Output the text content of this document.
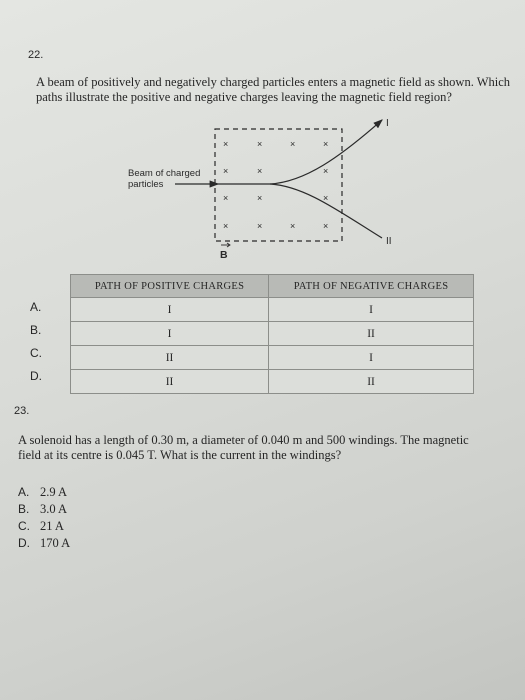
22.
A beam of positively and negatively charged particles enters a magnetic field as shown. Which
paths illustrate the positive and negative charges leaving the magnetic field region?
×	×	×	×
×	×	×
×	×	×
×	×	×	×
Beam of charged
particles
I
II
B
PATH OF POSITIVE CHARGES	PATH OF NEGATIVE CHARGES
I	I
I	II
II	I
II	II
A.
B.
C.
D.
23.
A solenoid has a length of 0.30 m, a diameter of 0.040 m and 500 windings. The magnetic
field at its centre is 0.045 T. What is the current in the windings?
A. 2.9 A
B. 3.0 A
C. 21 A
D. 170 A
